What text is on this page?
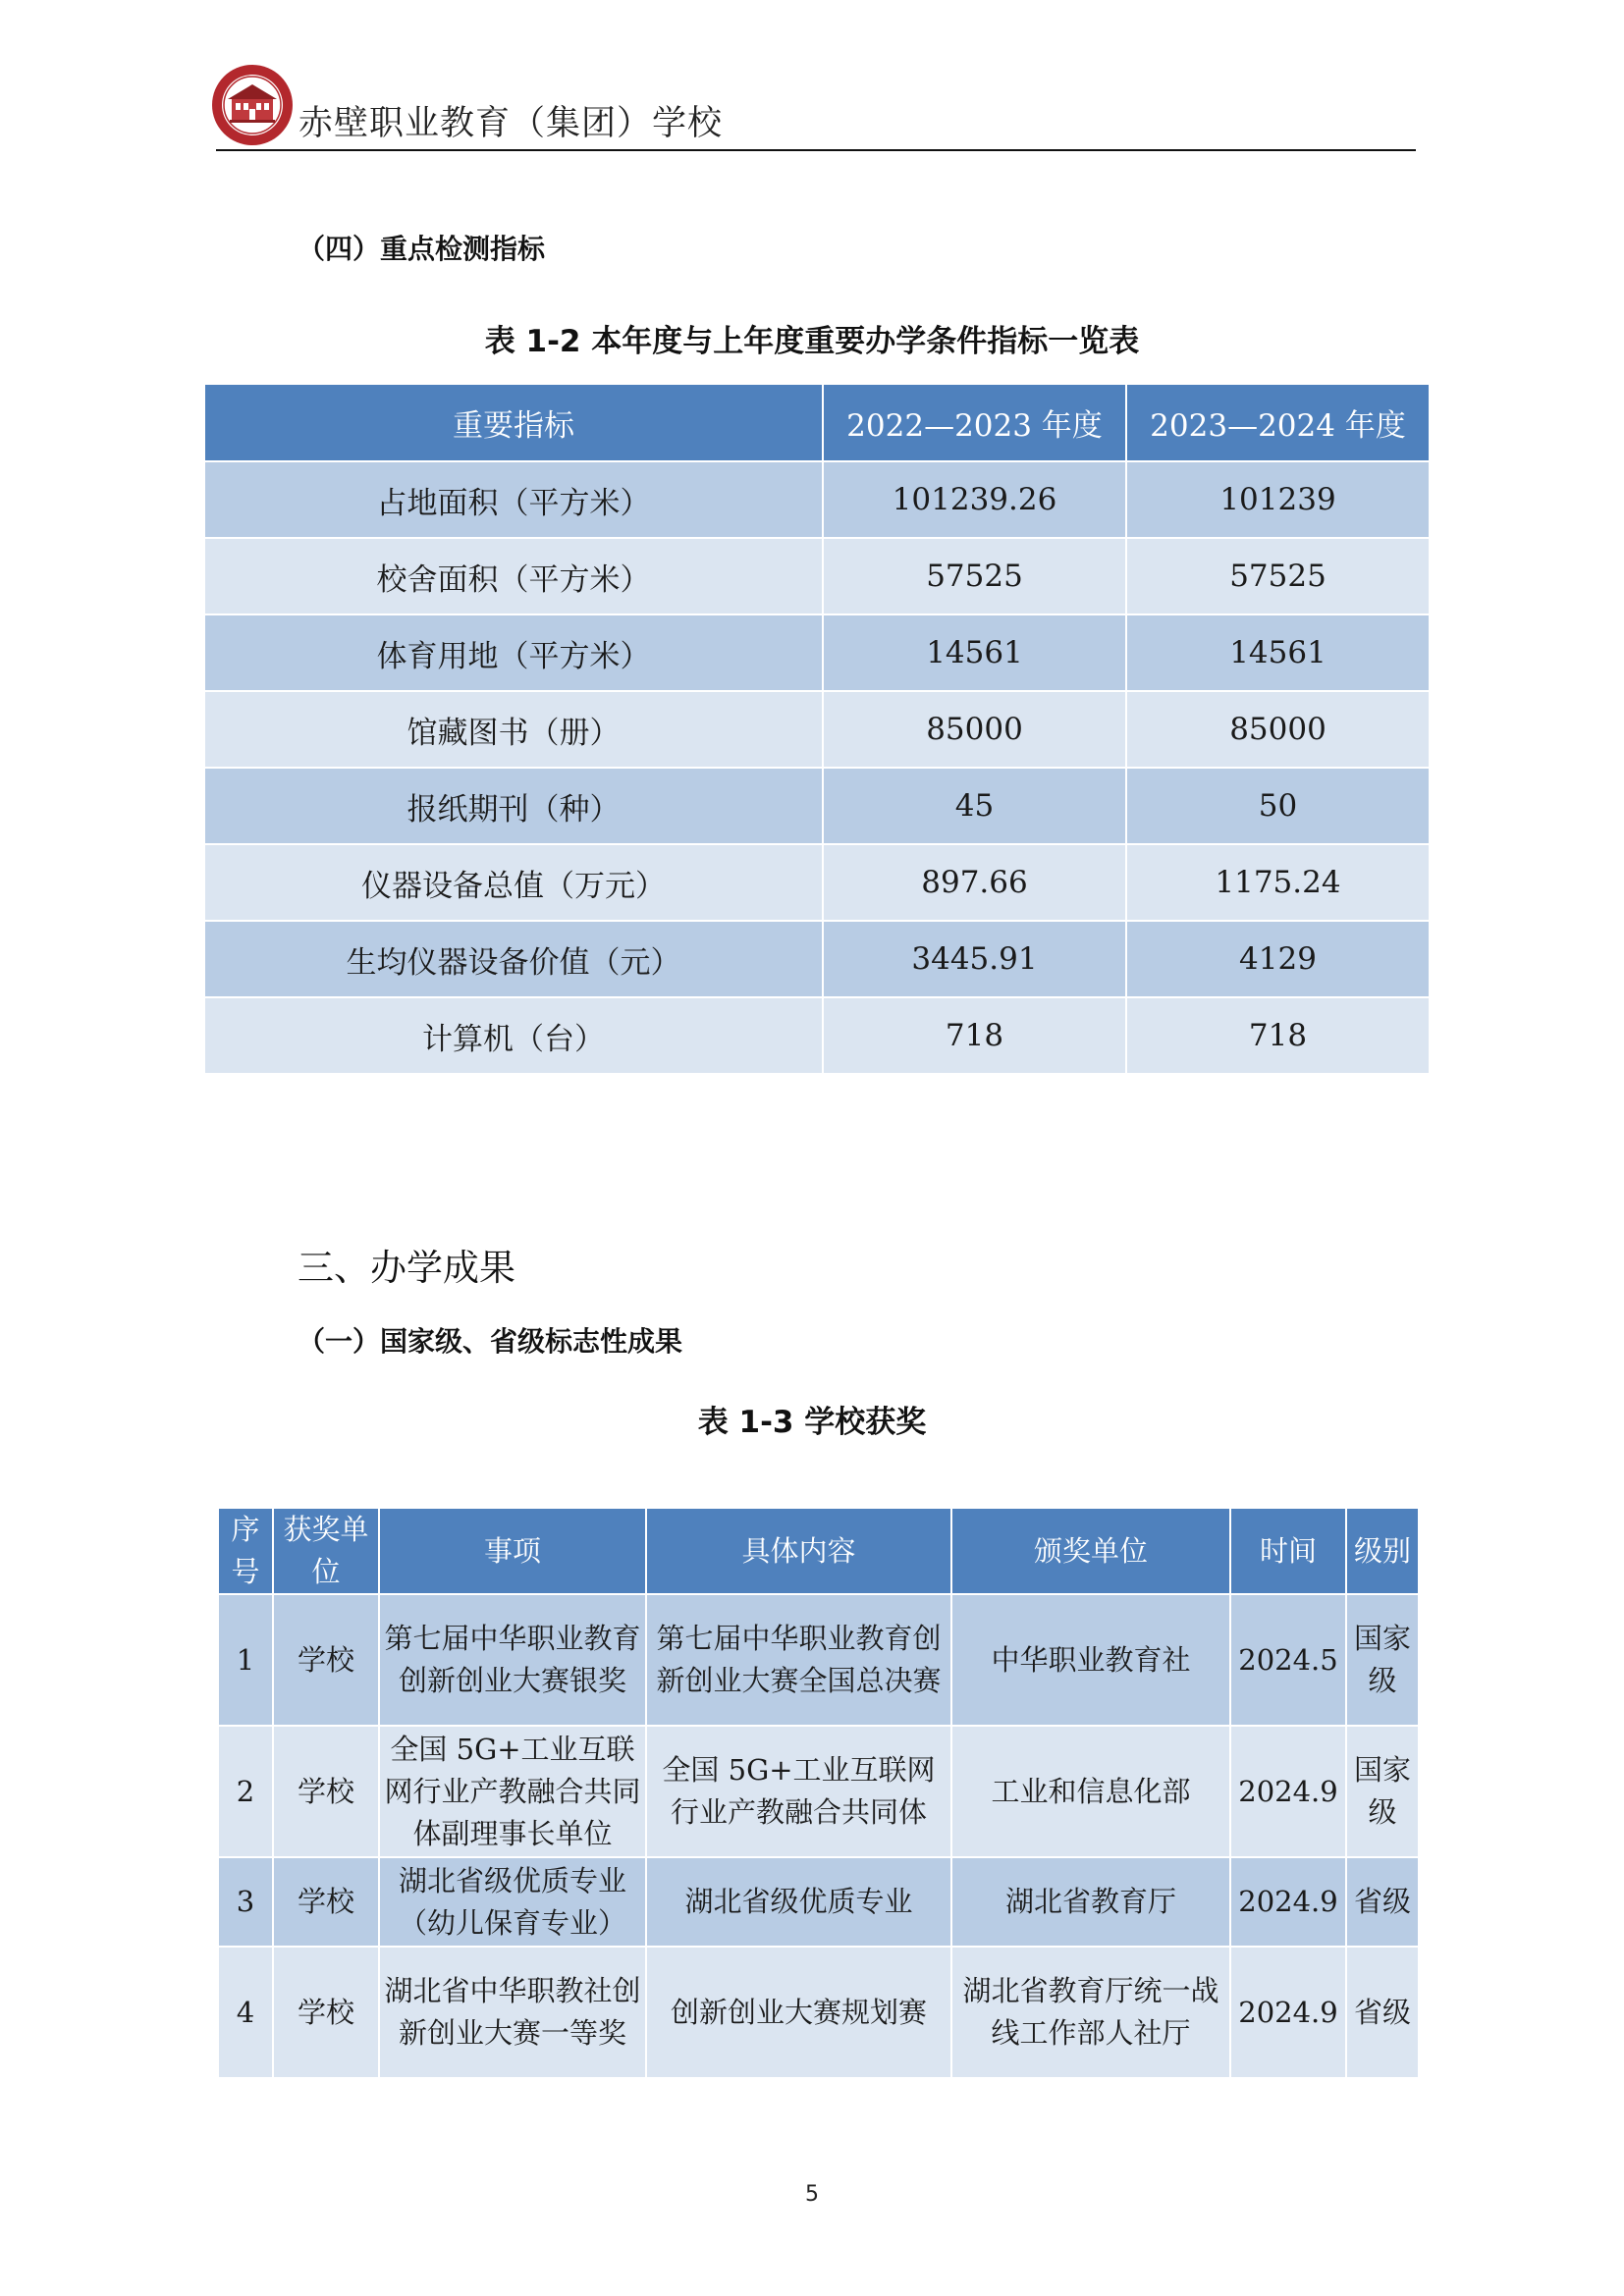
赤壁职业教育（集团）学校
（四）重点检测指标
表 1-2 本年度与上年度重要办学条件指标一览表
重要指标	2022—2023 年度	2023—2024 年度
占地面积（平方米）	101239.26	101239
校舍面积（平方米）	57525	57525
体育用地（平方米）	14561	14561
馆藏图书（册）	85000	85000
报纸期刊（种）	45	50
仪器设备总值（万元）	897.66	1175.24
生均仪器设备价值（元）	3445.91	4129
计算机（台）	718	718
三、办学成果
（一）国家级、省级标志性成果
表 1-3 学校获奖
序号	获奖单位	事项	具体内容	颁奖单位	时间	级别
1	学校	第七届中华职业教育创新创业大赛银奖	第七届中华职业教育创新创业大赛全国总决赛	中华职业教育社	2024.5	国家级
2	学校	全国 5G+工业互联网行业产教融合共同体副理事长单位	全国 5G+工业互联网行业产教融合共同体	工业和信息化部	2024.9	国家级
3	学校	湖北省级优质专业（幼儿保育专业）	湖北省级优质专业	湖北省教育厅	2024.9	省级
4	学校	湖北省中华职教社创新创业大赛一等奖	创新创业大赛规划赛	湖北省教育厅统一战线工作部人社厅	2024.9	省级
5
